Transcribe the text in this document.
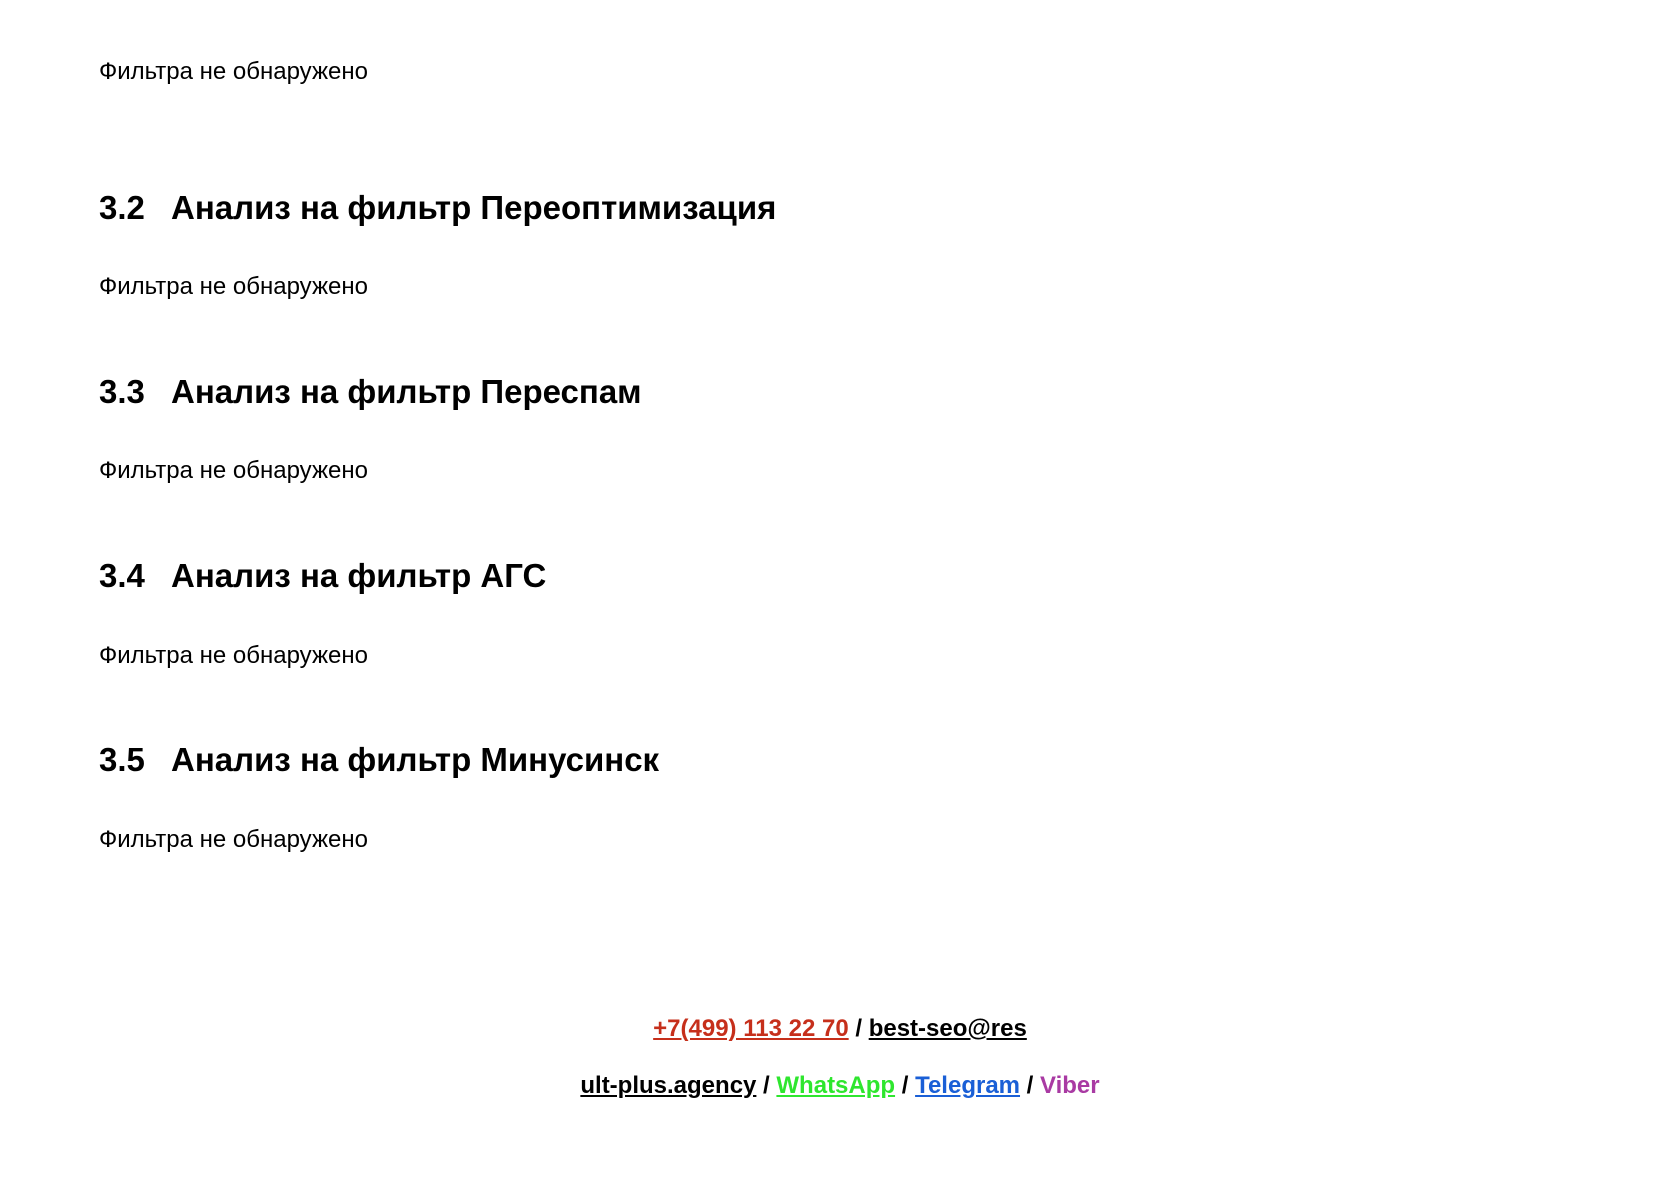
Фильтра не обнаружено

3.2 Анализ на фильтр Переоптимизация

Фильтра не обнаружено

3.3 Анализ на фильтр Переспам

Фильтра не обнаружено

3.4 Анализ на фильтр АГС

Фильтра не обнаружено

3.5 Анализ на фильтр Минусинск

Фильтра не обнаружено

+7(499) 113 22 70 / best-seo@res
ult-plus.agency / WhatsApp / Telegram / Viber
